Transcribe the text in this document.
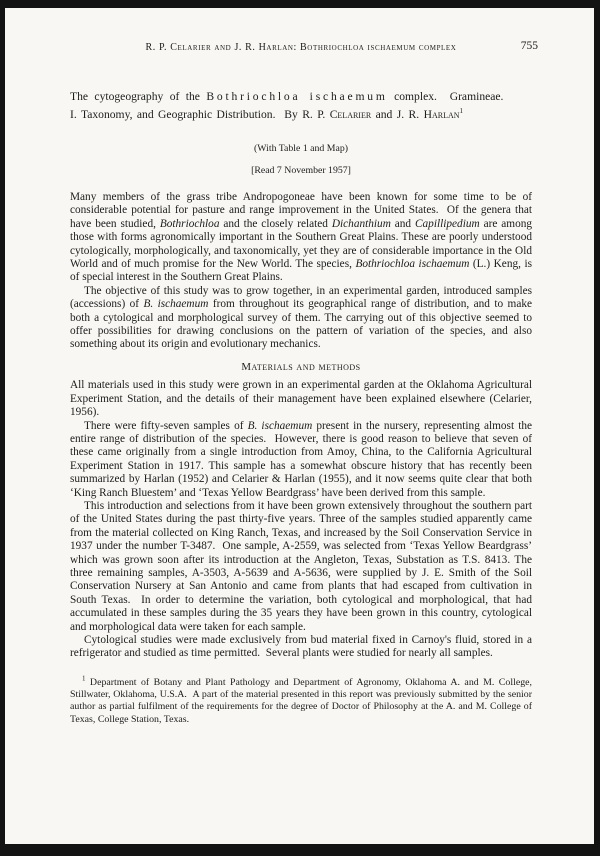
R. P. Celarier and J. R. Harlan: Bothriochloa ischaemum complex	755
The cytogeography of the Bothriochloa ischaemum complex.  Gramineae.
I. Taxonomy, and Geographic Distribution.  By R. P. Celarier and J. R. Harlan$^1$
(With Table 1 and Map)
[Read 7 November 1957]

Many members of the grass tribe Andropogoneae have been known for some time to be of considerable potential for pasture and range improvement in the United States.  Of the genera that have been studied, Bothriochloa and the closely related Dichanthium and Capillipedium are among those with forms agronomically important in the Southern Great Plains. These are poorly understood cytologically, morphologically, and taxonomically, yet they are of considerable importance in the Old World and of much promise for the New World. The species, Bothriochloa ischaemum (L.) Keng, is of special interest in the Southern Great Plains.

The objective of this study was to grow together, in an experimental garden, introduced samples (accessions) of B. ischaemum from throughout its geographical range of distribution, and to make both a cytological and morphological survey of them. The carrying out of this objective seemed to offer possibilities for drawing conclusions on the pattern of variation of the species, and also something about its origin and evolutionary mechanics.

Materials and methods

All materials used in this study were grown in an experimental garden at the Oklahoma Agricultural Experiment Station, and the details of their management have been explained elsewhere (Celarier, 1956).

There were fifty-seven samples of B. ischaemum present in the nursery, representing almost the entire range of distribution of the species.  However, there is good reason to believe that seven of these came originally from a single introduction from Amoy, China, to the California Agricultural Experiment Station in 1917. This sample has a somewhat obscure history that has recently been summarized by Harlan (1952) and Celarier & Harlan (1955), and it now seems quite clear that both ‘King Ranch Bluestem’ and ‘Texas Yellow Beardgrass’ have been derived from this sample.

This introduction and selections from it have been grown extensively throughout the southern part of the United States during the past thirty-five years. Three of the samples studied apparently came from the material collected on King Ranch, Texas, and increased by the Soil Conservation Service in 1937 under the number T-3487.  One sample, A-2559, was selected from ‘Texas Yellow Beardgrass’ which was grown soon after its introduction at the Angleton, Texas, Substation as T.S. 8413. The three remaining samples, A-3503, A-5639 and A-5636, were supplied by J. E. Smith of the Soil Conservation Nursery at San Antonio and came from plants that had escaped from cultivation in South Texas.  In order to determine the variation, both cytological and morphological, that had accumulated in these samples during the 35 years they have been grown in this country, cytological and morphological data were taken for each sample.

Cytological studies were made exclusively from bud material fixed in Carnoy's fluid, stored in a refrigerator and studied as time permitted.  Several plants were studied for nearly all samples.

$^1$ Department of Botany and Plant Pathology and Department of Agronomy, Oklahoma A. and M. College, Stillwater, Oklahoma, U.S.A.  A part of the material presented in this report was previously submitted by the senior author as partial fulfilment of the requirements for the degree of Doctor of Philosophy at the A. and M. College of Texas, College Station, Texas.
